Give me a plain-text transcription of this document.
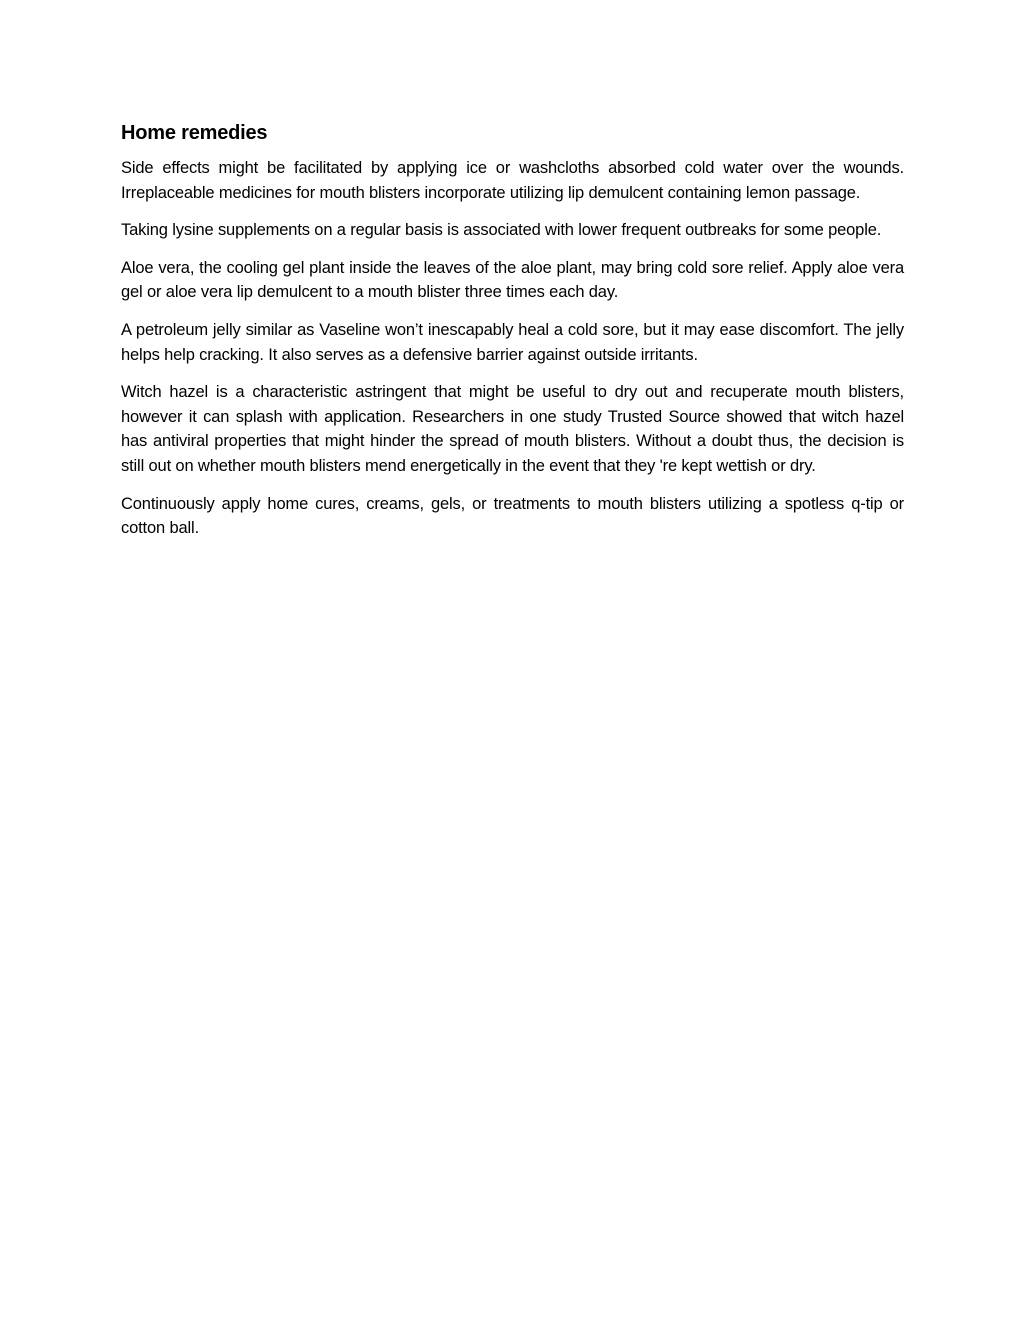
Home remedies

Side effects might be facilitated by applying ice or washcloths absorbed cold water over the wounds. Irreplaceable medicines for mouth blisters incorporate utilizing lip demulcent containing lemon passage.

Taking lysine supplements on a regular basis is associated with lower frequent outbreaks for some people.

Aloe vera, the cooling gel plant inside the leaves of the aloe plant, may bring cold sore relief. Apply aloe vera gel or aloe vera lip demulcent to a mouth blister three times each day.

A petroleum jelly similar as Vaseline won’t inescapably heal a cold sore, but it may ease discomfort. The jelly helps help cracking. It also serves as a defensive barrier against outside irritants.

Witch hazel is a characteristic astringent that might be useful to dry out and recuperate mouth blisters, however it can splash with application. Researchers in one study Trusted Source showed that witch hazel has antiviral properties that might hinder the spread of mouth blisters. Without a doubt thus, the decision is still out on whether mouth blisters mend energetically in the event that they 're kept wettish or dry.

Continuously apply home cures, creams, gels, or treatments to mouth blisters utilizing a spotless q-tip or cotton ball.
